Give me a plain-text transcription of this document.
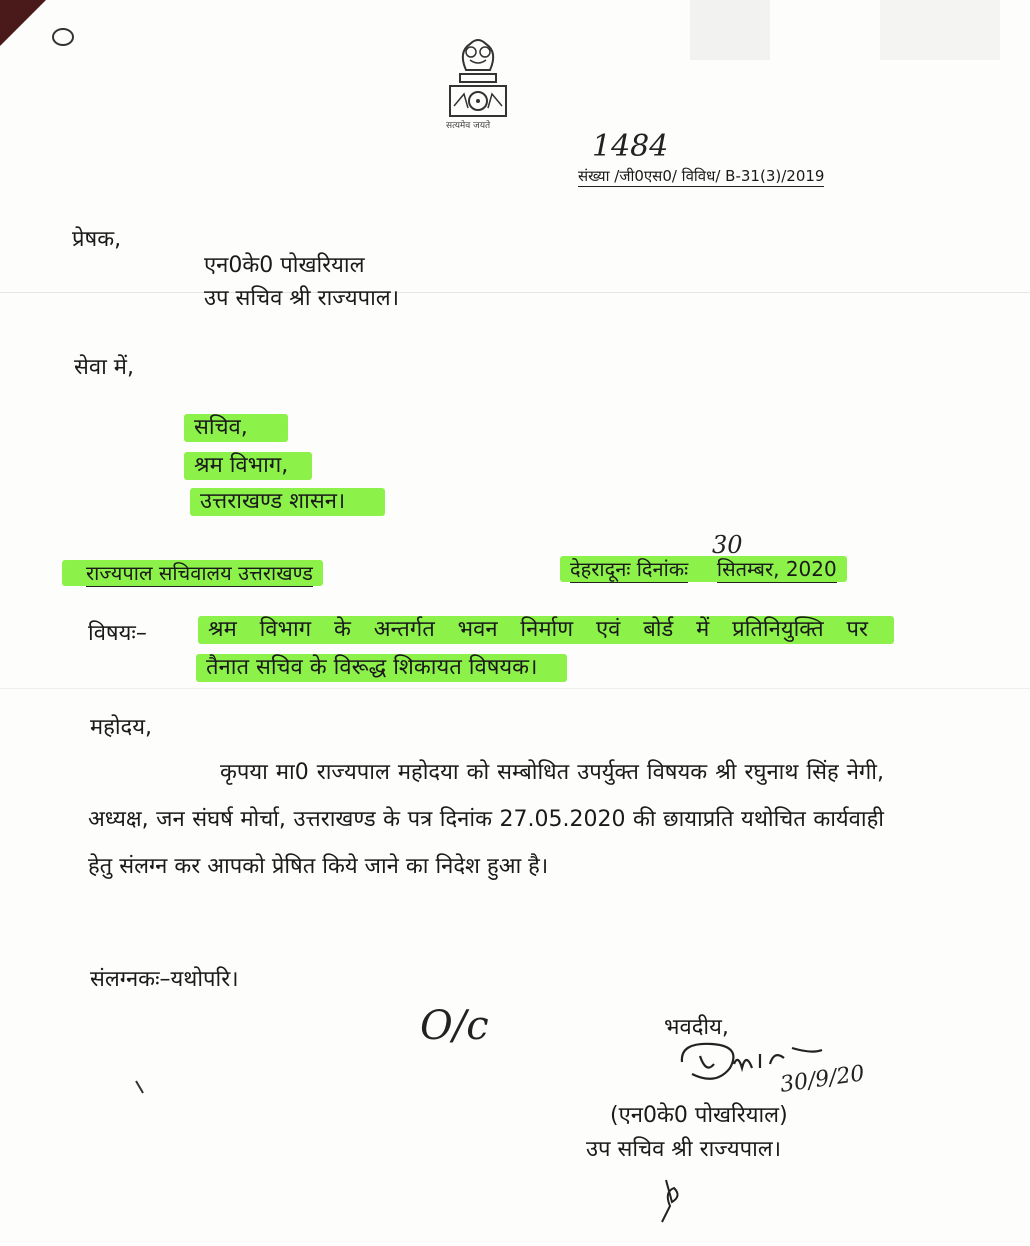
सत्यमेव जयते
1484
संख्या /जी0एस0/ विविध/ B-31(3)/2019
प्रेषक,
एन0के0 पोखरियाल
उप सचिव श्री राज्यपाल।
सेवा में,
सचिव,
श्रम विभाग,
उत्तराखण्ड शासन।
राज्यपाल सचिवालय उत्तराखण्ड	देहरादूनः दिनांकः सितम्बर, 2020
30
विषयः–	श्रम विभाग के अन्तर्गत भवन निर्माण एवं बोर्ड में प्रतिनियुक्ति पर
तैनात सचिव के विरूद्ध शिकायत विषयक।
महोदय,
कृपया मा0 राज्यपाल महोदया को सम्बोधित उपर्युक्त विषयक श्री रघुनाथ सिंह नेगी, अध्यक्ष, जन संघर्ष मोर्चा, उत्तराखण्ड के पत्र दिनांक 27.05.2020 की छायाप्रति यथोचित कार्यवाही हेतु संलग्न कर आपको प्रेषित किये जाने का निदेश हुआ है।
संलग्नकः–यथोपरि।
O/c	भवदीय,
30/9/20
(एन0के0 पोखरियाल)
उप सचिव श्री राज्यपाल।
